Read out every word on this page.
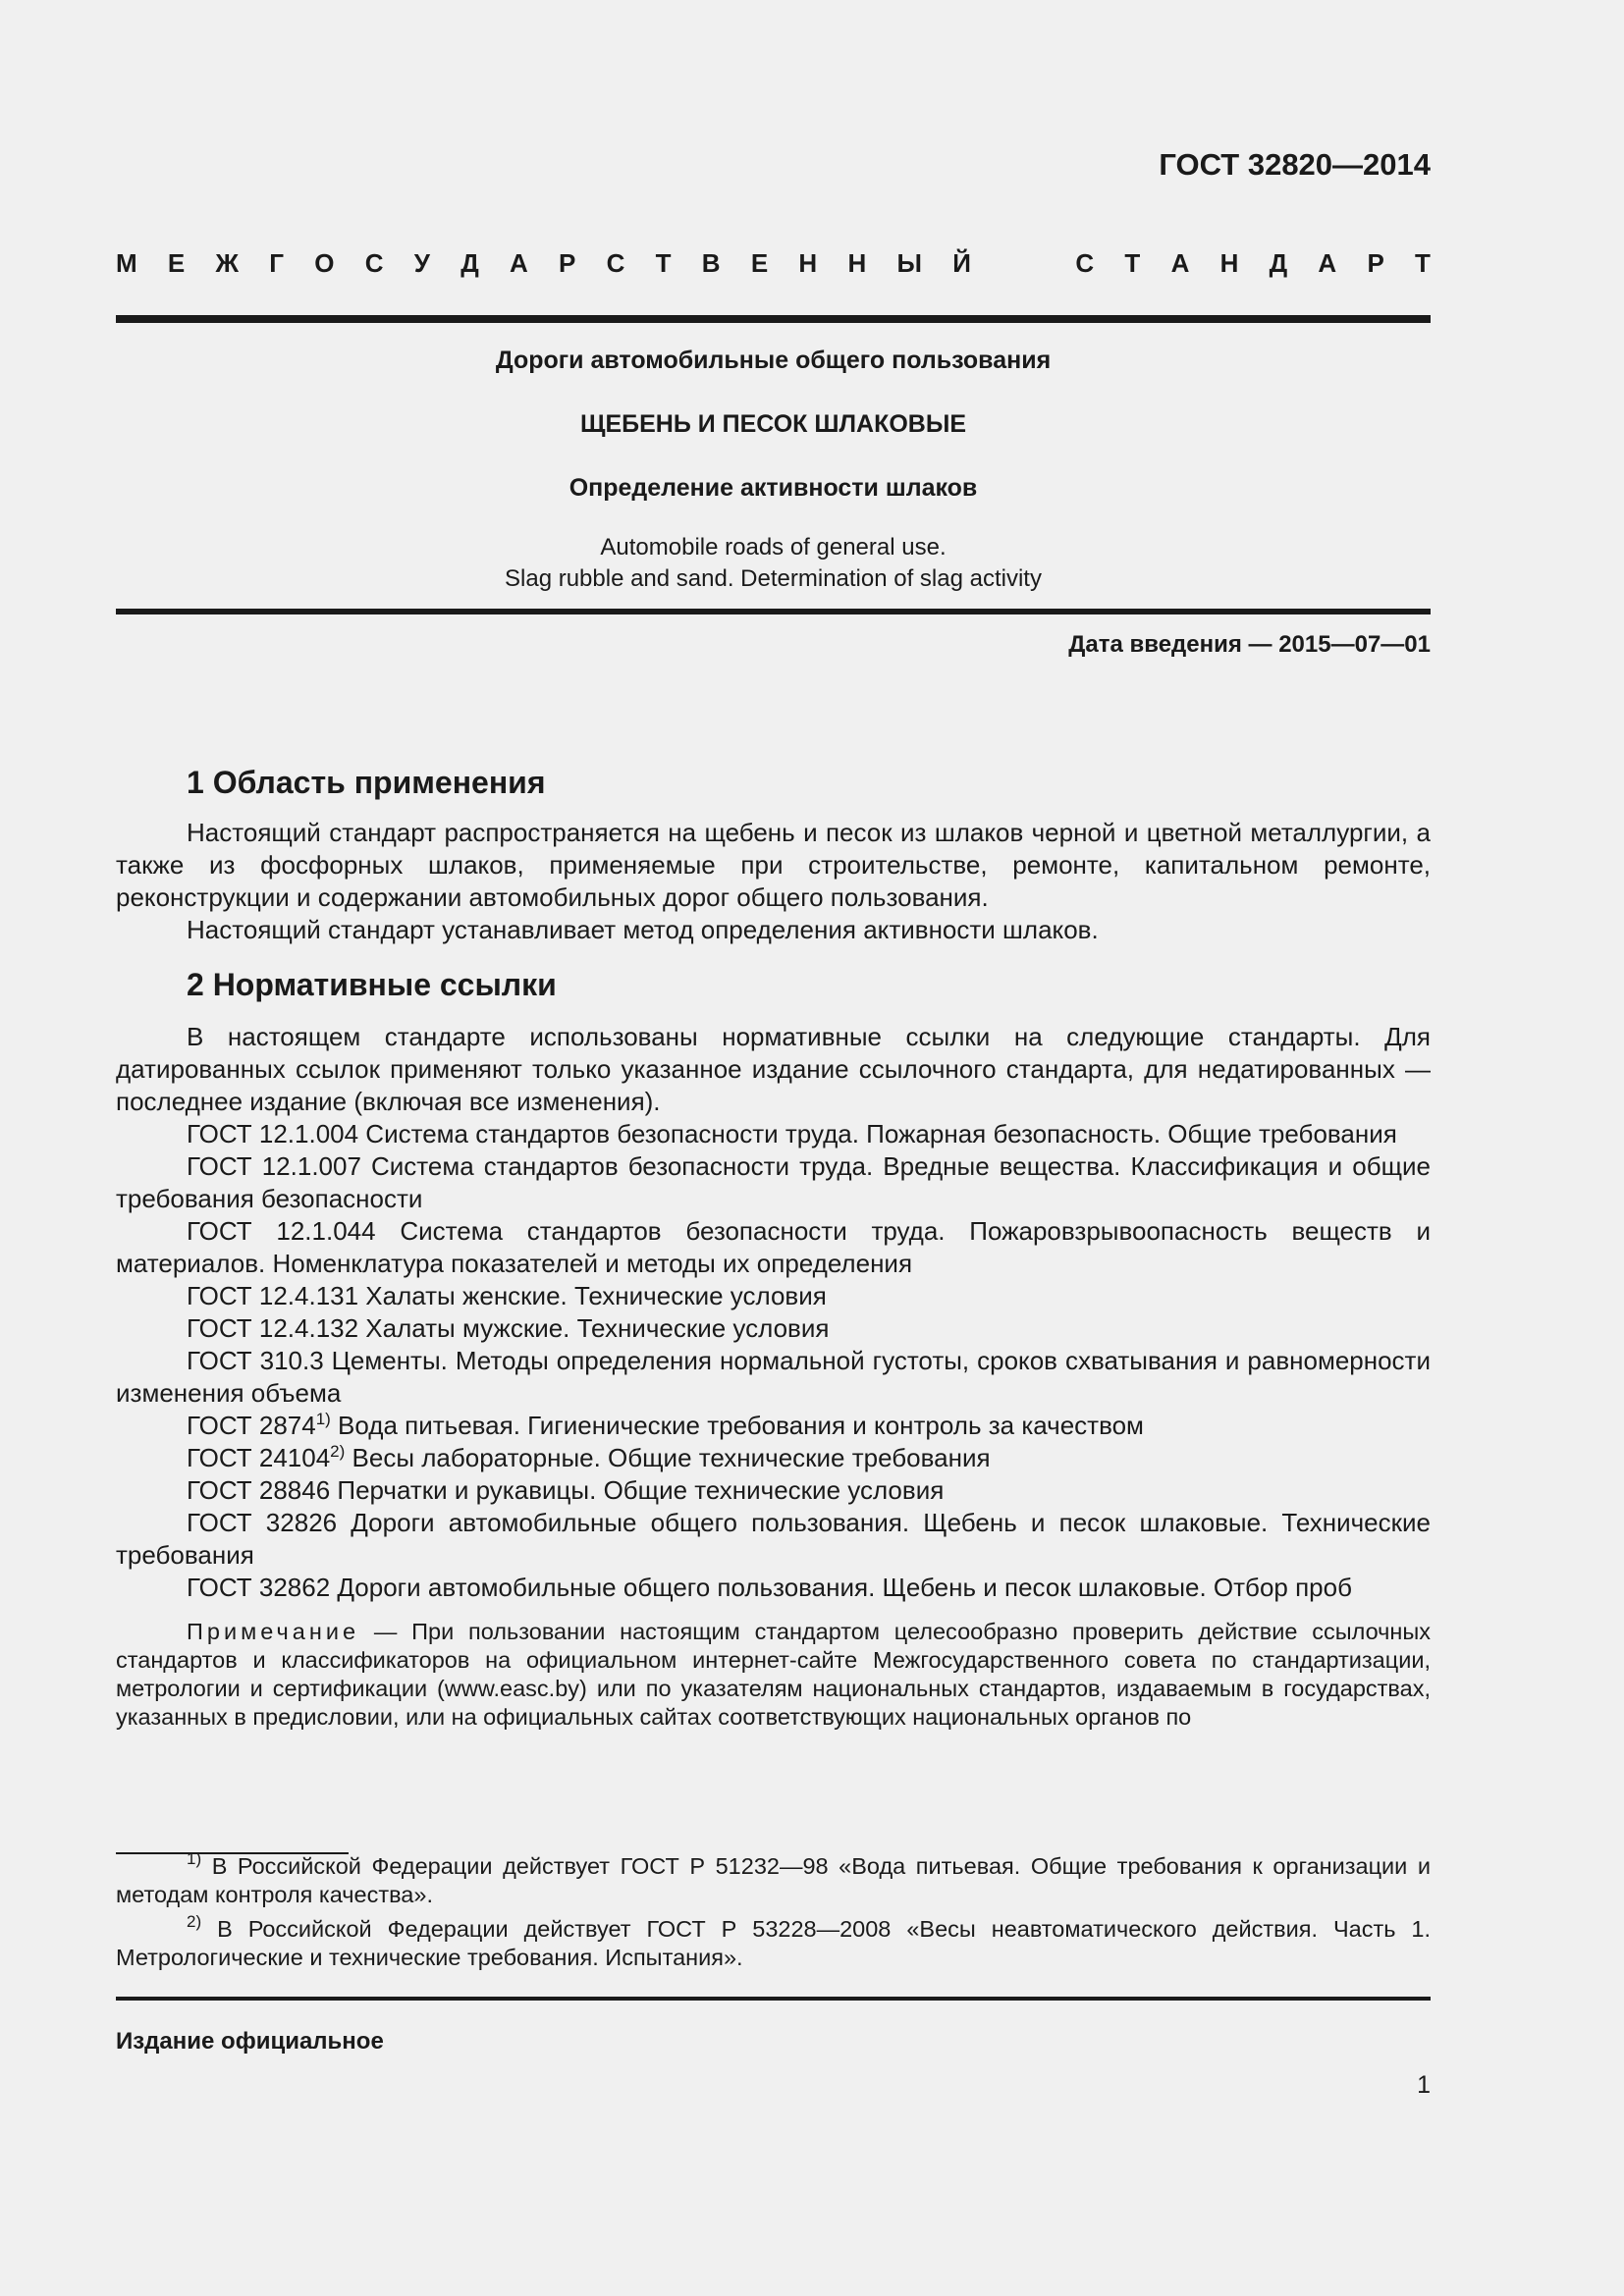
ГОСТ 32820—2014
М Е Ж Г О С У Д А Р С Т В Е Н Н Ы Й	С Т А Н Д А Р Т
Дороги автомобильные общего пользования
ЩЕБЕНЬ И ПЕСОК ШЛАКОВЫЕ
Определение активности шлаков
Automobile roads of general use.
Slag rubble and sand. Determination of slag activity
Дата введения — 2015—07—01
1 Область применения

Настоящий стандарт распространяется на щебень и песок из шлаков черной и цветной металлургии, а также из фосфорных шлаков, применяемые при строительстве, ремонте, капитальном ремонте, реконструкции и содержании автомобильных дорог общего пользования.

Настоящий стандарт устанавливает метод определения активности шлаков.

2 Нормативные ссылки

В настоящем стандарте использованы нормативные ссылки на следующие стандарты. Для датированных ссылок применяют только указанное издание ссылочного стандарта, для недатированных — последнее издание (включая все изменения).

ГОСТ 12.1.004 Система стандартов безопасности труда. Пожарная безопасность. Общие требования

ГОСТ 12.1.007 Система стандартов безопасности труда. Вредные вещества. Классификация и общие требования безопасности

ГОСТ 12.1.044 Система стандартов безопасности труда. Пожаровзрывоопасность веществ и материалов. Номенклатура показателей и методы их определения

ГОСТ 12.4.131 Халаты женские. Технические условия

ГОСТ 12.4.132 Халаты мужские. Технические условия

ГОСТ 310.3 Цементы. Методы определения нормальной густоты, сроков схватывания и равномерности изменения объема

ГОСТ 2874$^{1)}$ Вода питьевая. Гигиенические требования и контроль за качеством

ГОСТ 24104$^{2)}$ Весы лабораторные. Общие технические требования

ГОСТ 28846 Перчатки и рукавицы. Общие технические условия

ГОСТ 32826 Дороги автомобильные общего пользования. Щебень и песок шлаковые. Технические требования

ГОСТ 32862 Дороги автомобильные общего пользования. Щебень и песок шлаковые. Отбор проб

Примечание — При пользовании настоящим стандартом целесообразно проверить действие ссылочных стандартов и классификаторов на официальном интернет-сайте Межгосударственного совета по стандартизации, метрологии и сертификации (www.easc.by) или по указателям национальных стандартов, издаваемым в государствах, указанных в предисловии, или на официальных сайтах соответствующих национальных органов по

$^{1)}$ В Российской Федерации действует ГОСТ Р 51232—98 «Вода питьевая. Общие требования к организации и методам контроля качества».

$^{2)}$ В Российской Федерации действует ГОСТ Р 53228—2008 «Весы неавтоматического действия. Часть 1. Метрологические и технические требования. Испытания».

Издание официальное
1
